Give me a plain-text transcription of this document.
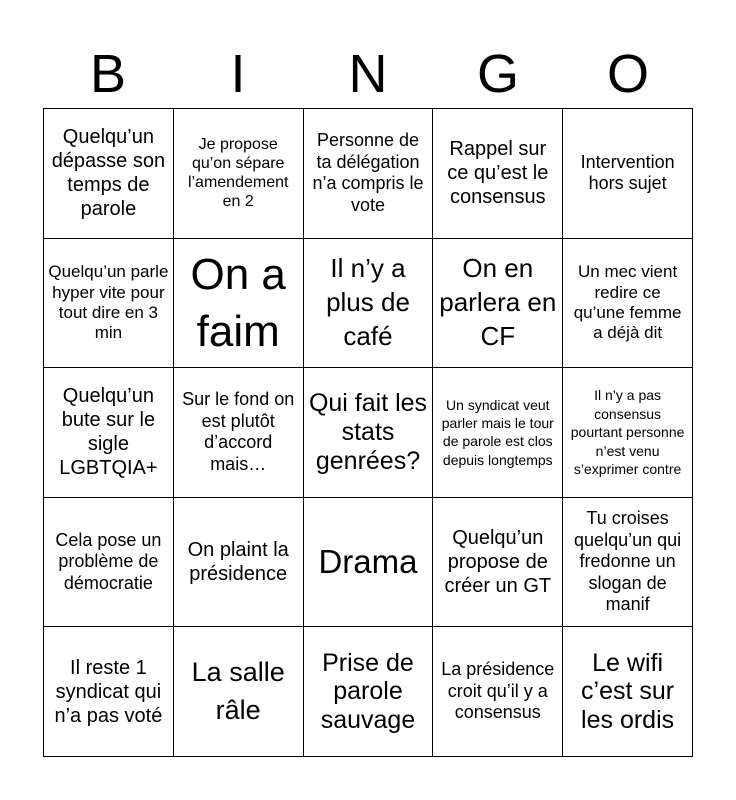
B	I	N	G	O
Quelqu’un dépasse son temps de parole	Je propose qu’on sépare l’amendement en 2	Personne de ta délégation n’a compris le vote	Rappel sur ce qu’est le consensus	Intervention hors sujet
Quelqu’un parle hyper vite pour tout dire en 3 min	On a faim	Il n’y a plus de café	On en parlera en CF	Un mec vient redire ce qu’une femme a déjà dit
Quelqu’un bute sur le sigle LGBTQIA+	Sur le fond on est plutôt d’accord mais…	Qui fait les stats genrées?	Un syndicat veut parler mais le tour de parole est clos depuis longtemps	Il n’y a pas consensus pourtant personne n’est venu s’exprimer contre
Cela pose un problème de démocratie	On plaint la présidence	Drama	Quelqu’un propose de créer un GT	Tu croises quelqu’un qui fredonne un slogan de manif
Il reste 1 syndicat qui n’a pas voté	La salle râle	Prise de parole sauvage	La présidence croit qu’il y a consensus	Le wifi c’est sur les ordis
